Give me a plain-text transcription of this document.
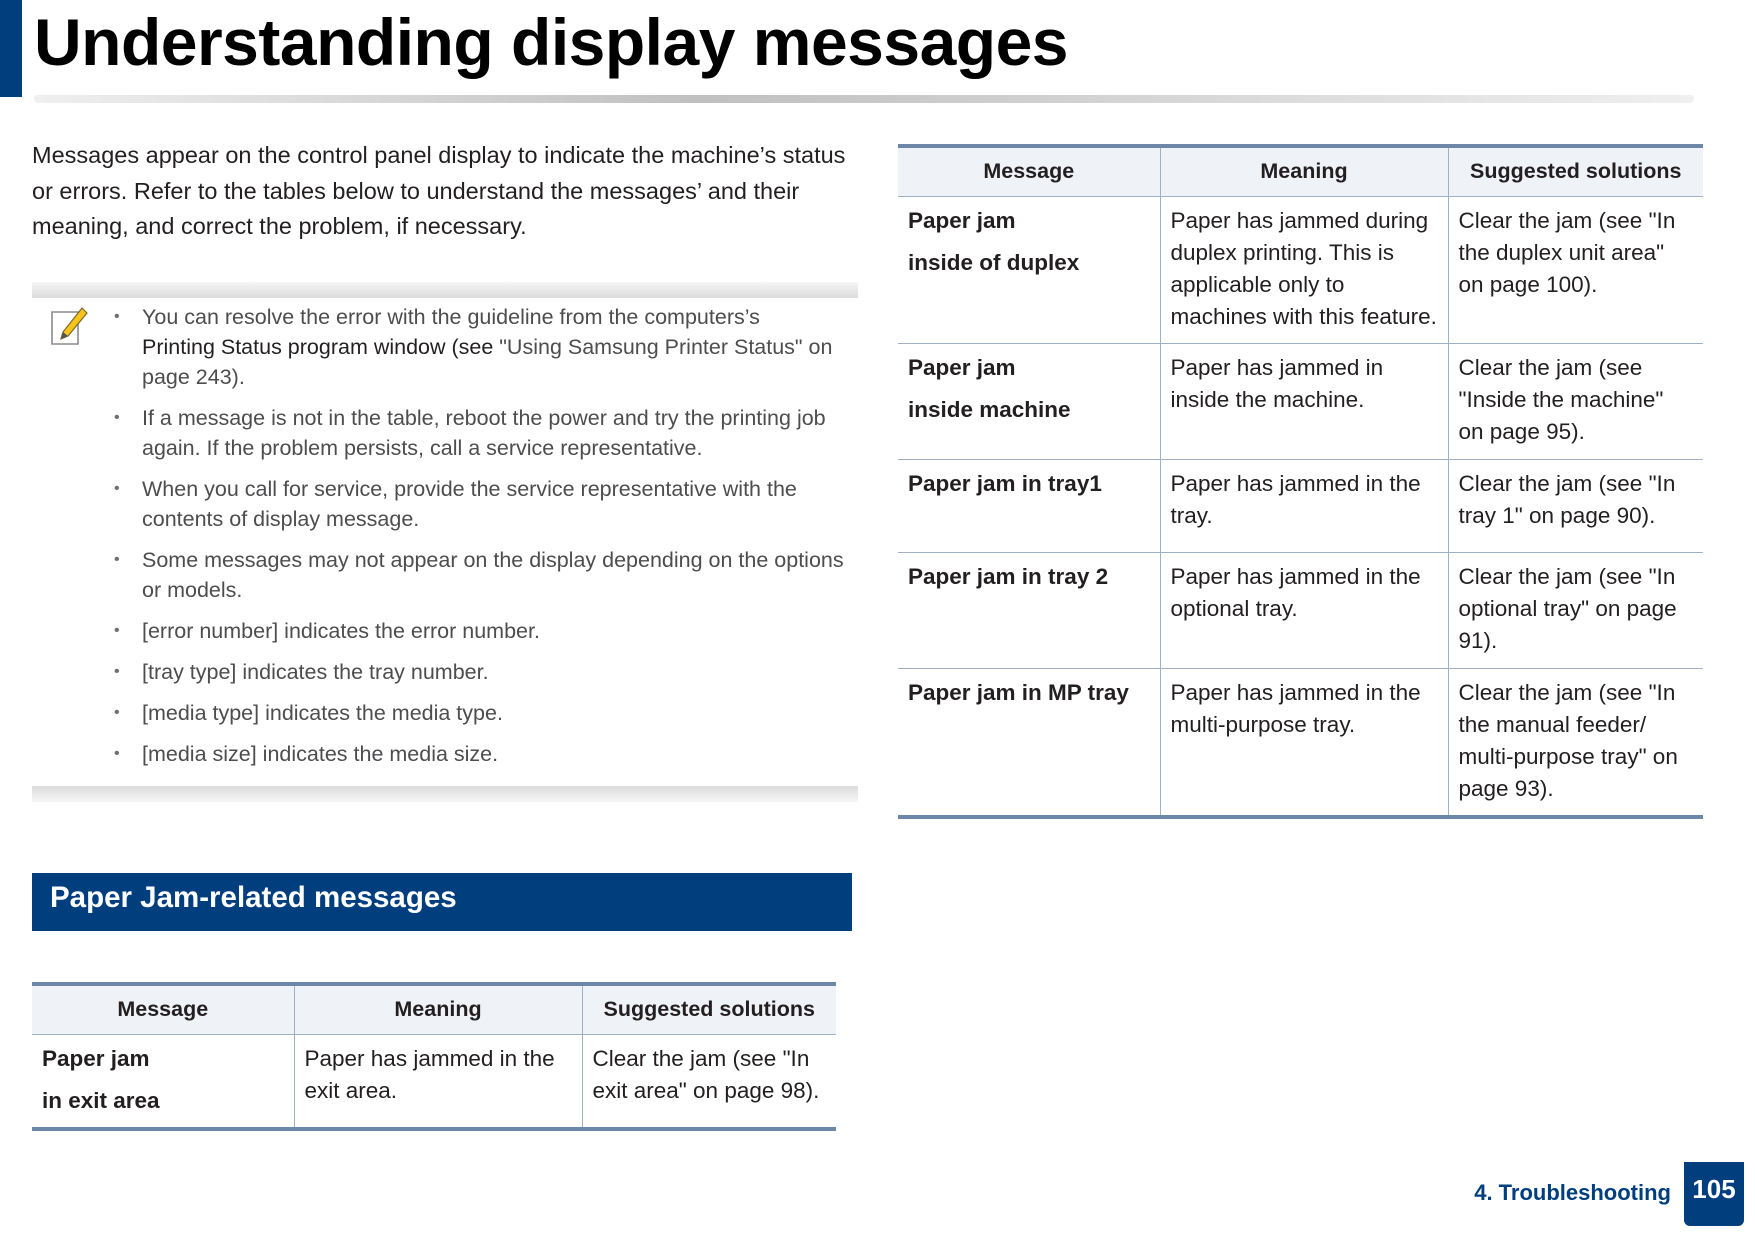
Understanding display messages

Messages appear on the control panel display to indicate the machine’s status or errors. Refer to the tables below to understand the messages’ and their meaning, and correct the problem, if necessary.

• You can resolve the error with the guideline from the computers’s
Printing Status program window (see "Using Samsung Printer Status" on page 243).
• If a message is not in the table, reboot the power and try the printing job again. If the problem persists, call a service representative.
• When you call for service, provide the service representative with the contents of display message.
• Some messages may not appear on the display depending on the options or models.
• [error number] indicates the error number.
• [tray type] indicates the tray number.
• [media type] indicates the media type.
• [media size] indicates the media size.
Paper Jam-related messages
Message	Meaning	Suggested solutions

Paper jam
in exit area	Paper has jammed in the exit area.	Clear the jam (see "In exit area" on page 98).
Message	Meaning	Suggested solutions

Paper jam
inside of duplex	Paper has jammed during duplex printing. This is applicable only to machines with this feature.	Clear the jam (see "In the duplex unit area" on page 100).

Paper jam
inside machine	Paper has jammed in inside the machine.	Clear the jam (see "Inside the machine" on page 95).

Paper jam in tray1	Paper has jammed in the tray.	Clear the jam (see "In tray 1" on page 90).

Paper jam in tray 2	Paper has jammed in the optional tray.	Clear the jam (see "In optional tray" on page 91).

Paper jam in MP tray	Paper has jammed in the multi-purpose tray.	Clear the jam (see "In the manual feeder/ multi-purpose tray" on page 93).
4. Troubleshooting 105
